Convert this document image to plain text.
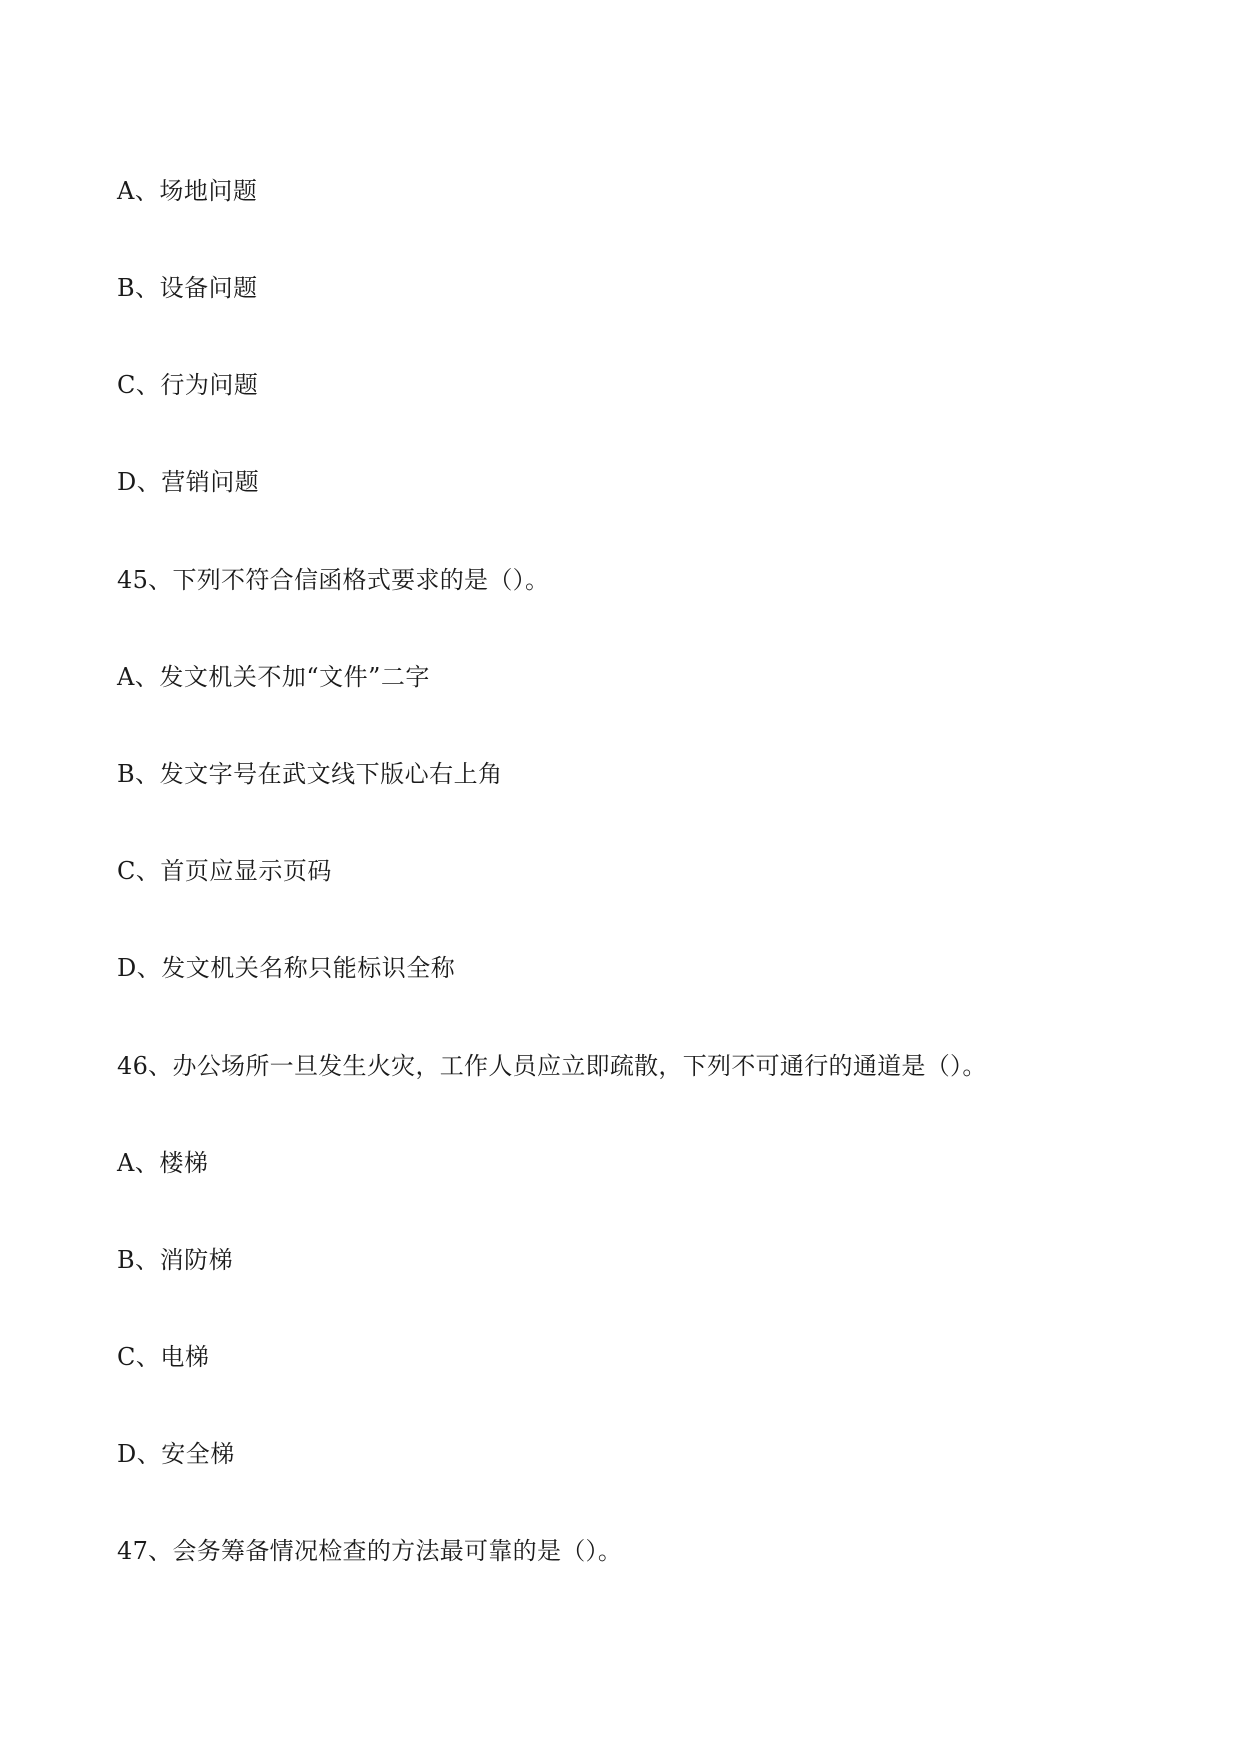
A、场地问题
B、设备问题
C、行为问题
D、营销问题
45、下列不符合信函格式要求的是（）。
A、发文机关不加“文件”二字
B、发文字号在武文线下版心右上角
C、首页应显示页码
D、发文机关名称只能标识全称
46、办公场所一旦发生火灾，工作人员应立即疏散，下列不可通行的通道是（）。
A、楼梯
B、消防梯
C、电梯
D、安全梯
47、会务筹备情况检查的方法最可靠的是（）。
